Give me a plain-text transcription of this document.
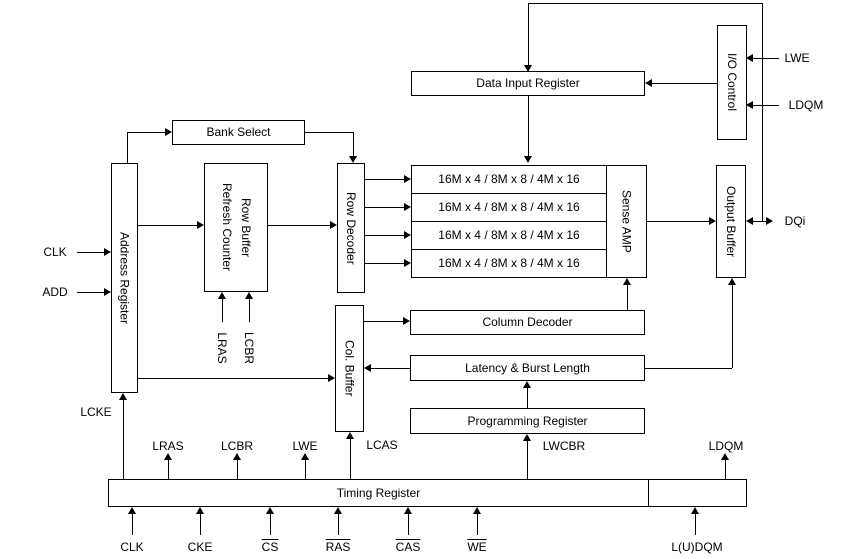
Bank Select
Address Register
Row Buffer
Refresh Counter	Row Decoder
16M x 4 / 8M x 8 / 4M x 16
16M x 4 / 8M x 8 / 4M x 16
16M x 4 / 8M x 8 / 4M x 16
16M x 4 / 8M x 8 / 4M x 16
Sense AMP
Data Input Register	I/O Control
Output Buffer
Col. Buffer
Column Decoder
Latency & Burst Length
Programming Register
Timing Register
CLK
ADD
LCKE
LRAS LCBR
LRAS	LCBR	LWE	LCAS	LWCBR	LDQM
LWE
LDQM
DQi
CLK	CKE	$\overline{CS}$	$\overline{RAS}$	$\overline{CAS}$	$\overline{WE}$	L(U)DQM
